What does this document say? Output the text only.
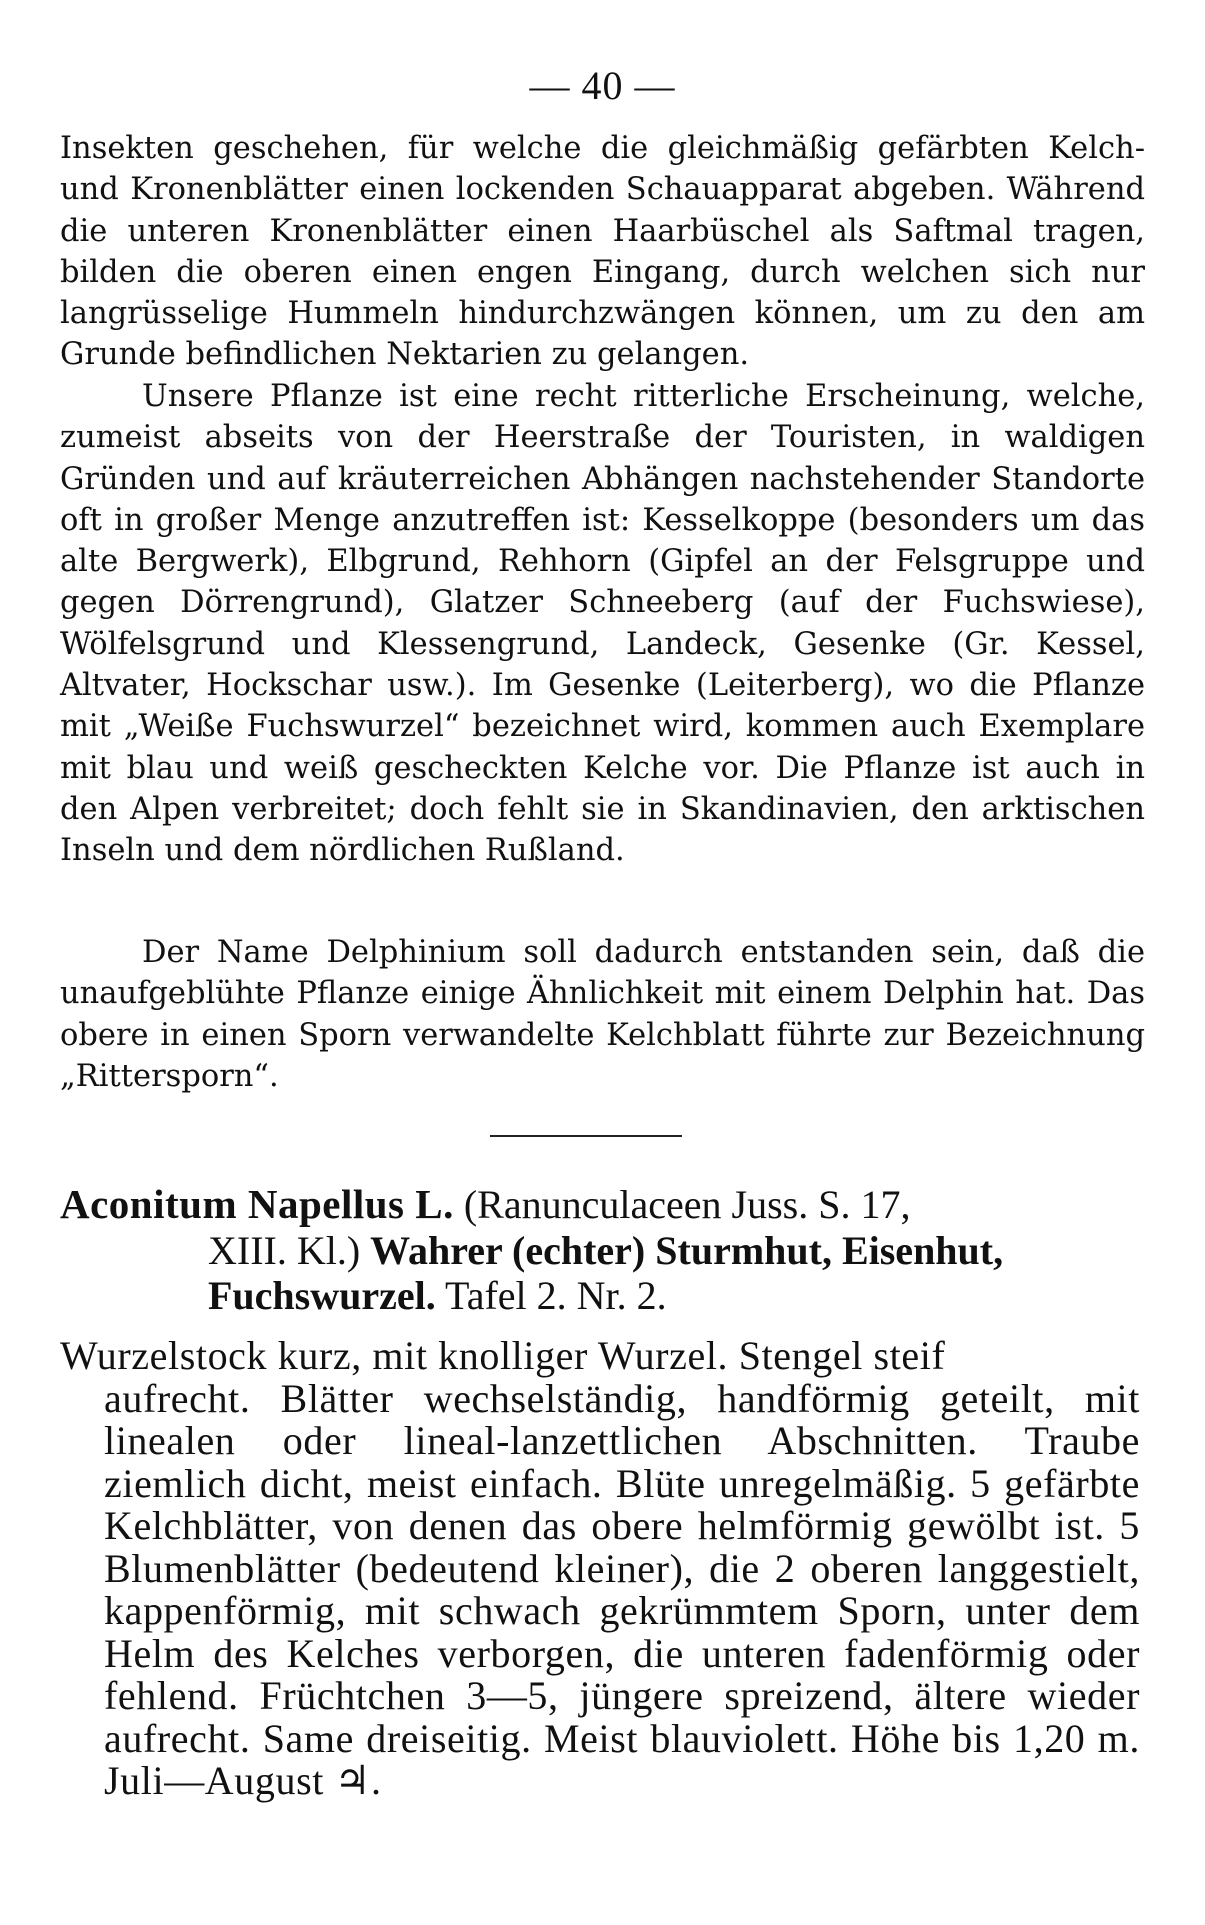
— 40 —

Insekten geschehen, für welche die gleichmäßig gefärbten Kelch- und Kronenblätter einen lockenden Schauapparat abgeben. Während die unteren Kronenblätter einen Haarbüschel als Saftmal tragen, bilden die oberen einen engen Eingang, durch welchen sich nur langrüsselige Hummeln hindurchzwängen können, um zu den am Grunde befindlichen Nektarien zu gelangen.

Unsere Pflanze ist eine recht ritterliche Erscheinung, welche, zumeist abseits von der Heerstraße der Touristen, in waldigen Gründen und auf kräuterreichen Abhängen nachstehender Standorte oft in großer Menge anzutreffen ist: Kesselkoppe (besonders um das alte Bergwerk), Elbgrund, Rehhorn (Gipfel an der Felsgruppe und gegen Dörrengrund), Glatzer Schneeberg (auf der Fuchswiese), Wölfelsgrund und Klessengrund, Landeck, Gesenke (Gr. Kessel, Altvater, Hockschar usw.). Im Gesenke (Leiterberg), wo die Pflanze mit „Weiße Fuchswurzel“ bezeichnet wird, kommen auch Exemplare mit blau und weiß gescheckten Kelche vor. Die Pflanze ist auch in den Alpen verbreitet; doch fehlt sie in Skandinavien, den arktischen Inseln und dem nördlichen Rußland.

Der Name Delphinium soll dadurch entstanden sein, daß die unaufgeblühte Pflanze einige Ähnlichkeit mit einem Delphin hat. Das obere in einen Sporn verwandelte Kelchblatt führte zur Bezeichnung „Rittersporn“.

Aconitum Napellus L. (Ranunculaceen Juss. S. 17,
XIII. Kl.) Wahrer (echter) Sturmhut, Eisenhut,
Fuchswurzel. Tafel 2. Nr. 2.
Wurzelstock kurz, mit knolliger Wurzel. Stengel steif
aufrecht. Blätter wechselständig, handförmig geteilt, mit linealen oder lineal-lanzettlichen Abschnitten. Traube ziemlich dicht, meist einfach. Blüte unregelmäßig. 5 gefärbte Kelchblätter, von denen das obere helmförmig gewölbt ist. 5 Blumenblätter (bedeutend kleiner), die 2 oberen langgestielt, kappenförmig, mit schwach gekrümmtem Sporn, unter dem Helm des Kelches verborgen, die unteren fadenförmig oder fehlend. Früchtchen 3—5, jüngere spreizend, ältere wieder aufrecht. Same dreiseitig. Meist blauviolett. Höhe bis 1,20 m. Juli—August ♃.
